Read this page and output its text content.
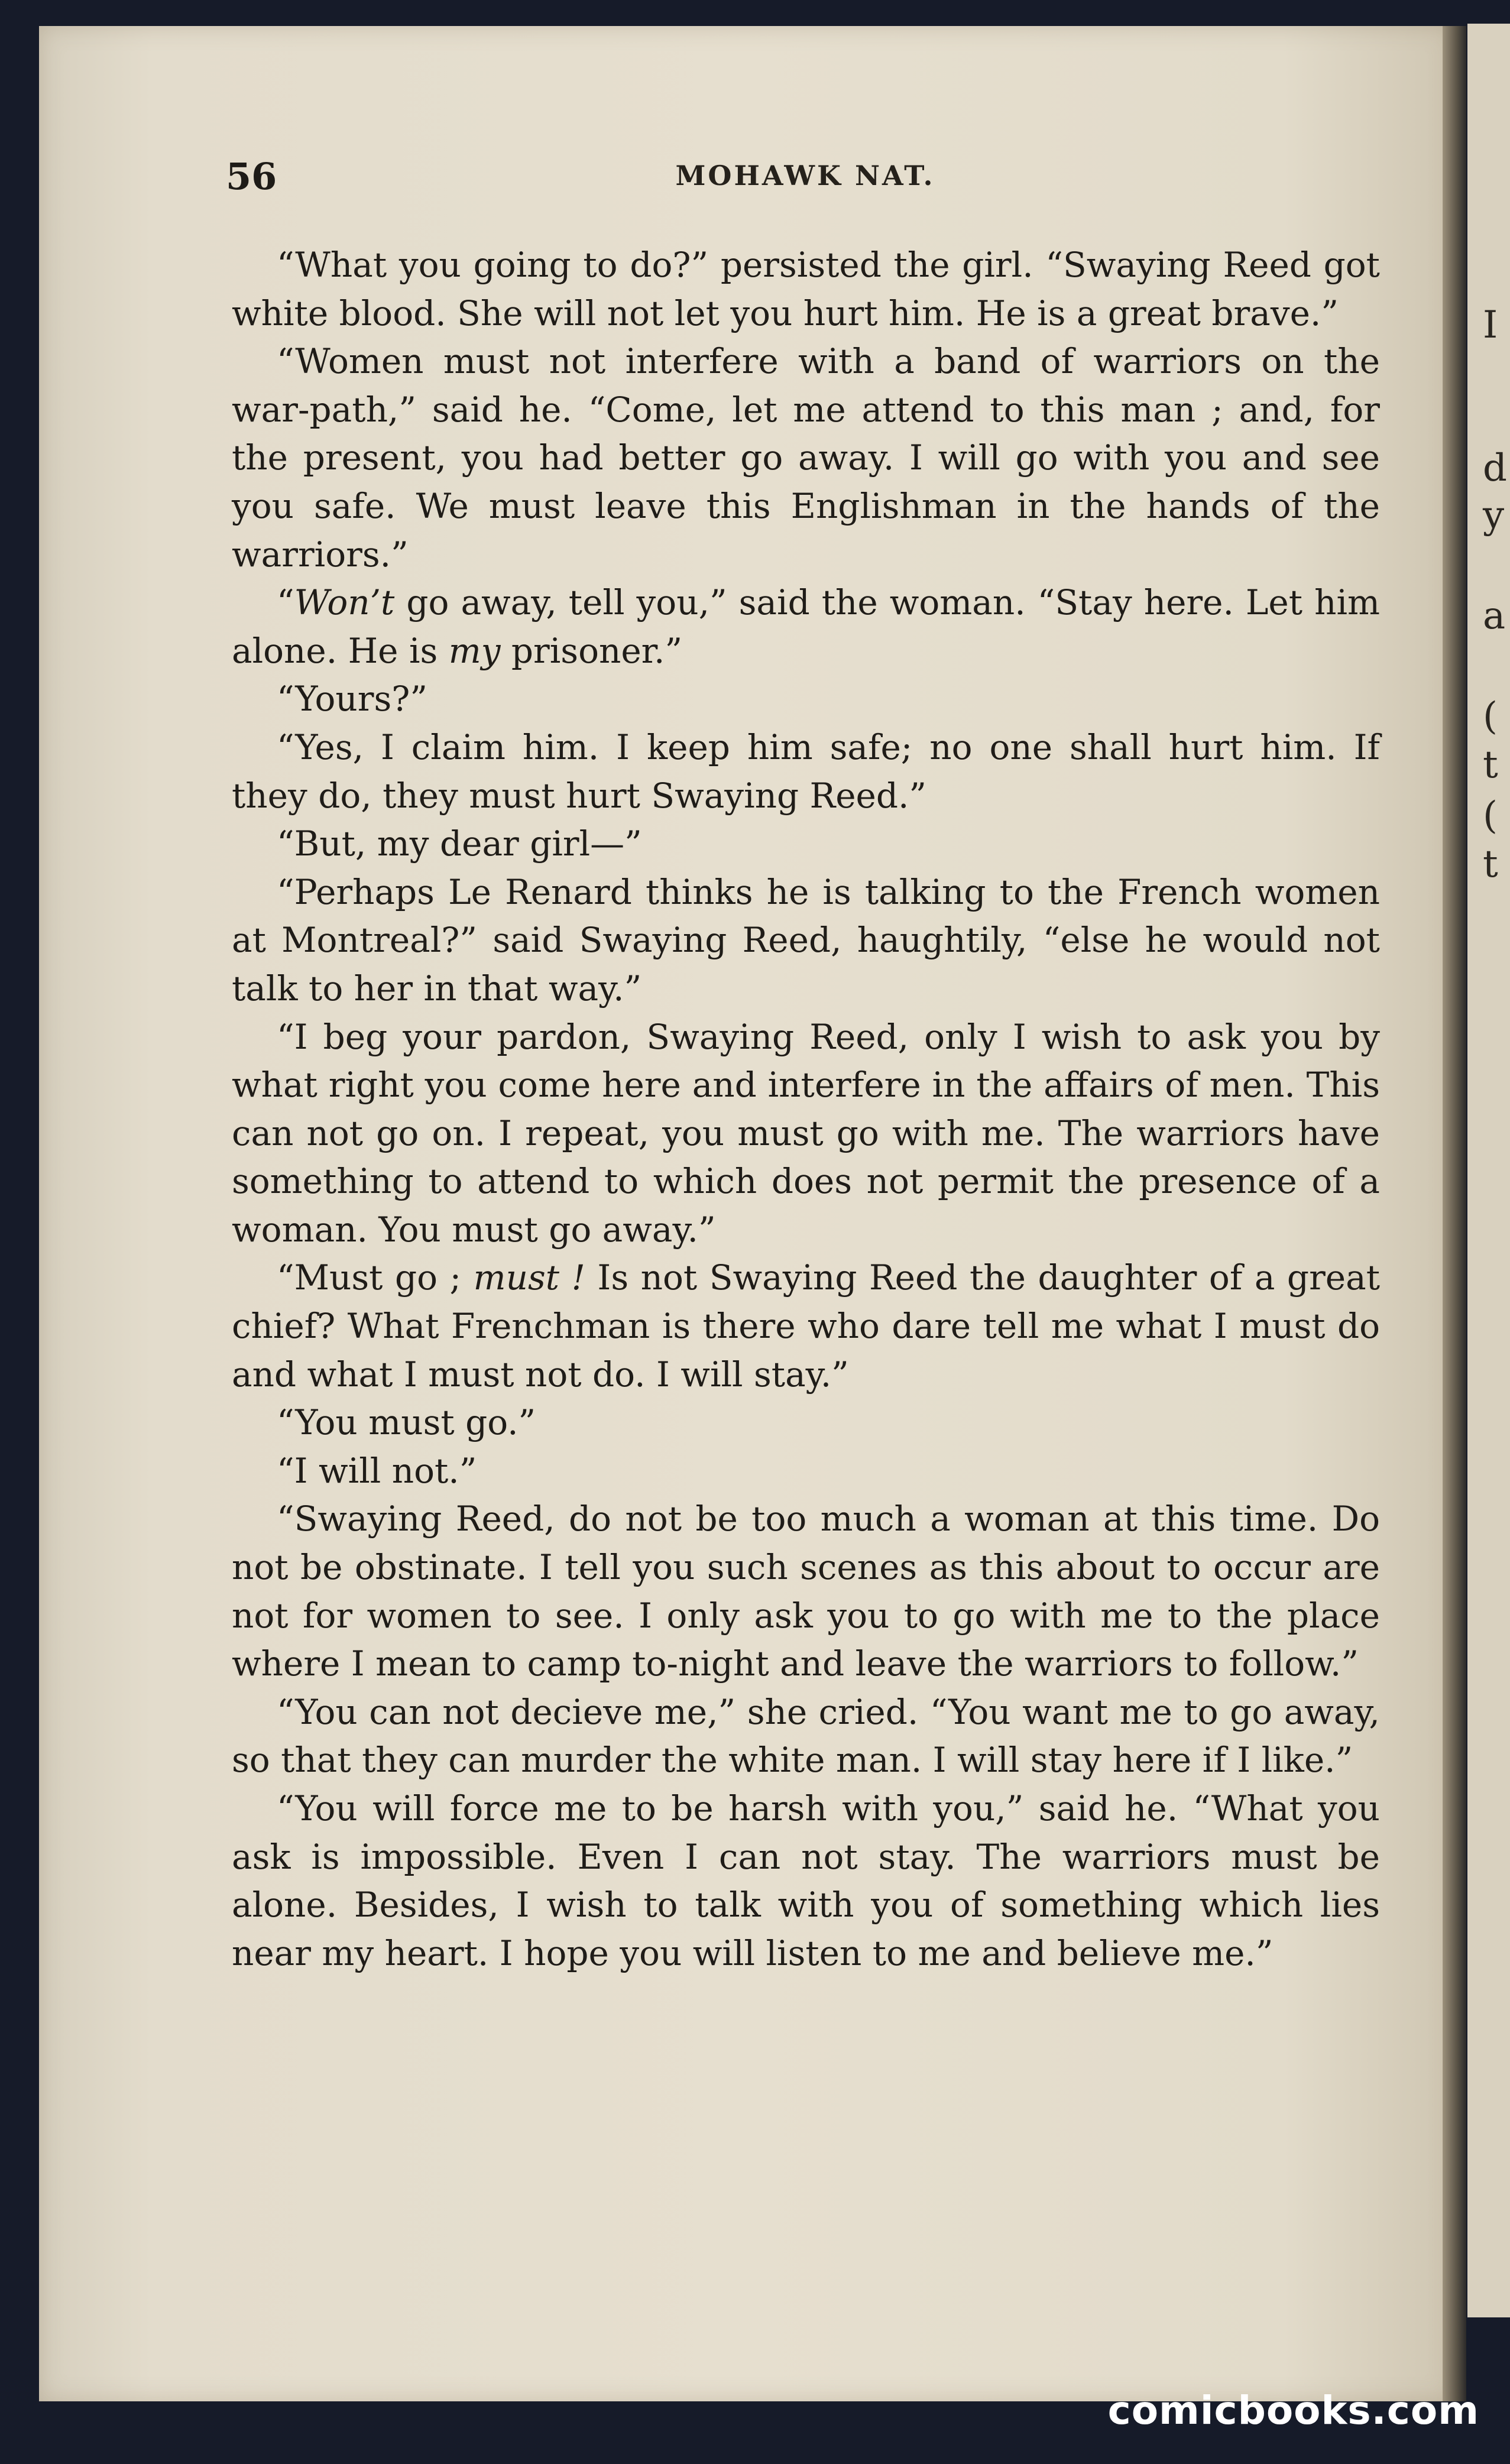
I
d
y
a
(
t
(
t
56	MOHAWK NAT.

“What you going to do?” persisted the girl. “Swaying Reed got white blood. She will not let you hurt him. He is a great brave.”

“Women must not interfere with a band of warriors on the war-path,” said he. “Come, let me attend to this man ; and, for the present, you had better go away. I will go with you and see you safe. We must leave this Englishman in the hands of the warriors.”

“Won’t go away, tell you,” said the woman. “Stay here. Let him alone. He is my prisoner.”

“Yours?”

“Yes, I claim him. I keep him safe; no one shall hurt him. If they do, they must hurt Swaying Reed.”

“But, my dear girl—”

“Perhaps Le Renard thinks he is talking to the French women at Montreal?” said Swaying Reed, haughtily, “else he would not talk to her in that way.”

“I beg your pardon, Swaying Reed, only I wish to ask you by what right you come here and interfere in the affairs of men. This can not go on. I repeat, you must go with me. The warriors have something to attend to which does not permit the presence of a woman. You must go away.”

“Must go ; must ! Is not Swaying Reed the daughter of a great chief? What Frenchman is there who dare tell me what I must do and what I must not do. I will stay.”

“You must go.”

“I will not.”

“Swaying Reed, do not be too much a woman at this time. Do not be obstinate. I tell you such scenes as this about to occur are not for women to see. I only ask you to go with me to the place where I mean to camp to-night and leave the warriors to follow.”

“You can not decieve me,” she cried. “You want me to go away, so that they can murder the white man. I will stay here if I like.”

“You will force me to be harsh with you,” said he. “What you ask is impossible. Even I can not stay. The warriors must be alone. Besides, I wish to talk with you of something which lies near my heart. I hope you will listen to me and believe me.”

comicbooks.com
